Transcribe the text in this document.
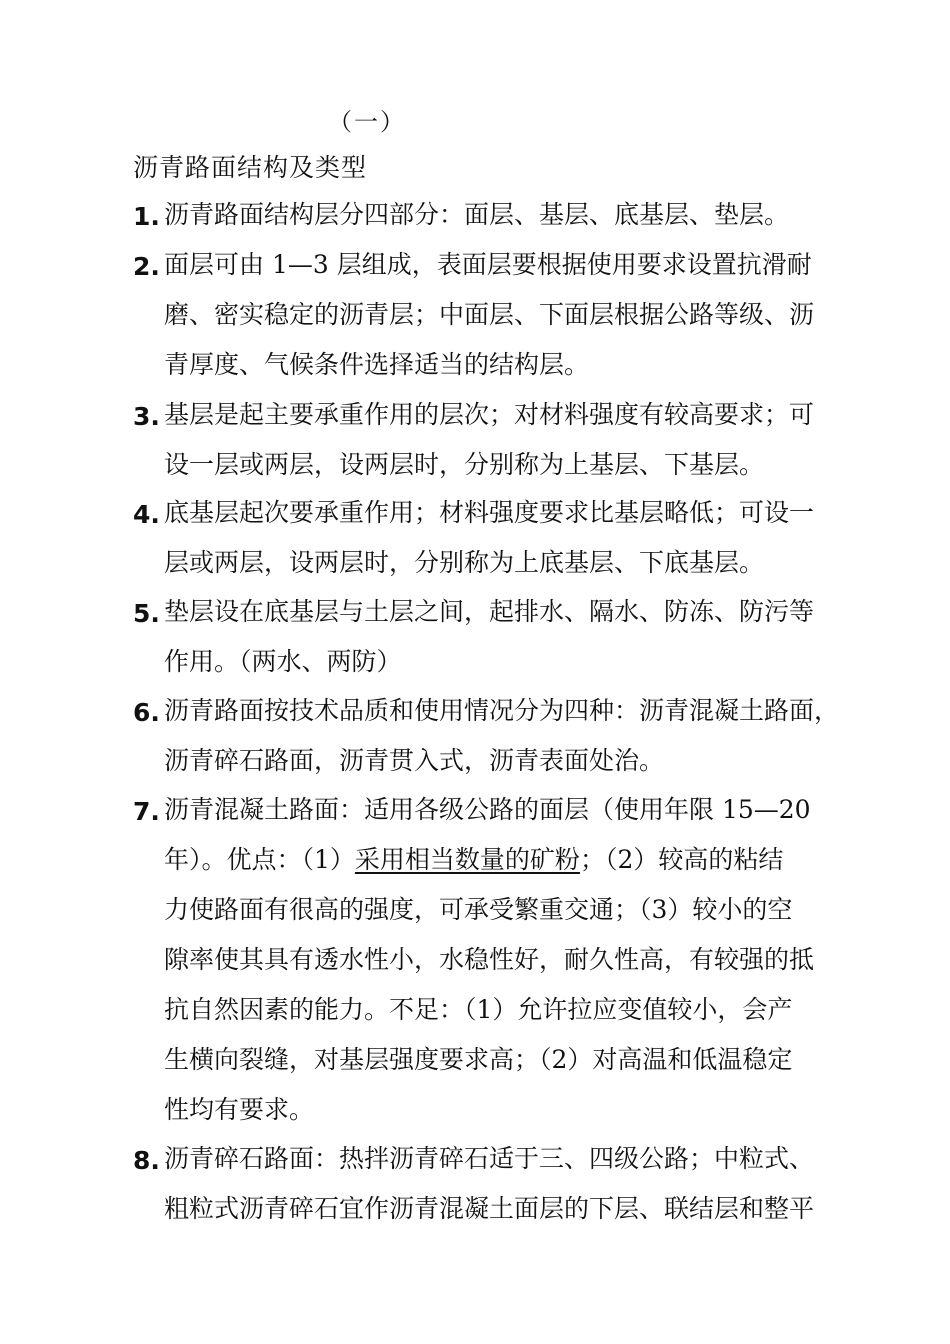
（一）
沥青路面结构及类型
1. 沥青路面结构层分四部分：面层、基层、底基层、垫层。
2. 面层可由 1—3 层组成，表面层要根据使用要求设置抗滑耐
磨、密实稳定的沥青层；中面层、下面层根据公路等级、沥
青厚度、气候条件选择适当的结构层。
3. 基层是起主要承重作用的层次；对材料强度有较高要求；可
设一层或两层，设两层时，分别称为上基层、下基层。
4. 底基层起次要承重作用；材料强度要求比基层略低；可设一
层或两层，设两层时，分别称为上底基层、下底基层。
5. 垫层设在底基层与土层之间，起排水、隔水、防冻、防污等
作用。（两水、两防）
6. 沥青路面按技术品质和使用情况分为四种：沥青混凝土路面，
沥青碎石路面，沥青贯入式，沥青表面处治。
7. 沥青混凝土路面：适用各级公路的面层（使用年限 15—20
年）。优点：（1）采用相当数量的矿粉；（2）较高的粘结
力使路面有很高的强度，可承受繁重交通；（3）较小的空
隙率使其具有透水性小，水稳性好，耐久性高，有较强的抵
抗自然因素的能力。不足：（1）允许拉应变值较小，会产
生横向裂缝，对基层强度要求高；（2）对高温和低温稳定
性均有要求。
8. 沥青碎石路面：热拌沥青碎石适于三、四级公路；中粒式、
粗粒式沥青碎石宜作沥青混凝土面层的下层、联结层和整平
